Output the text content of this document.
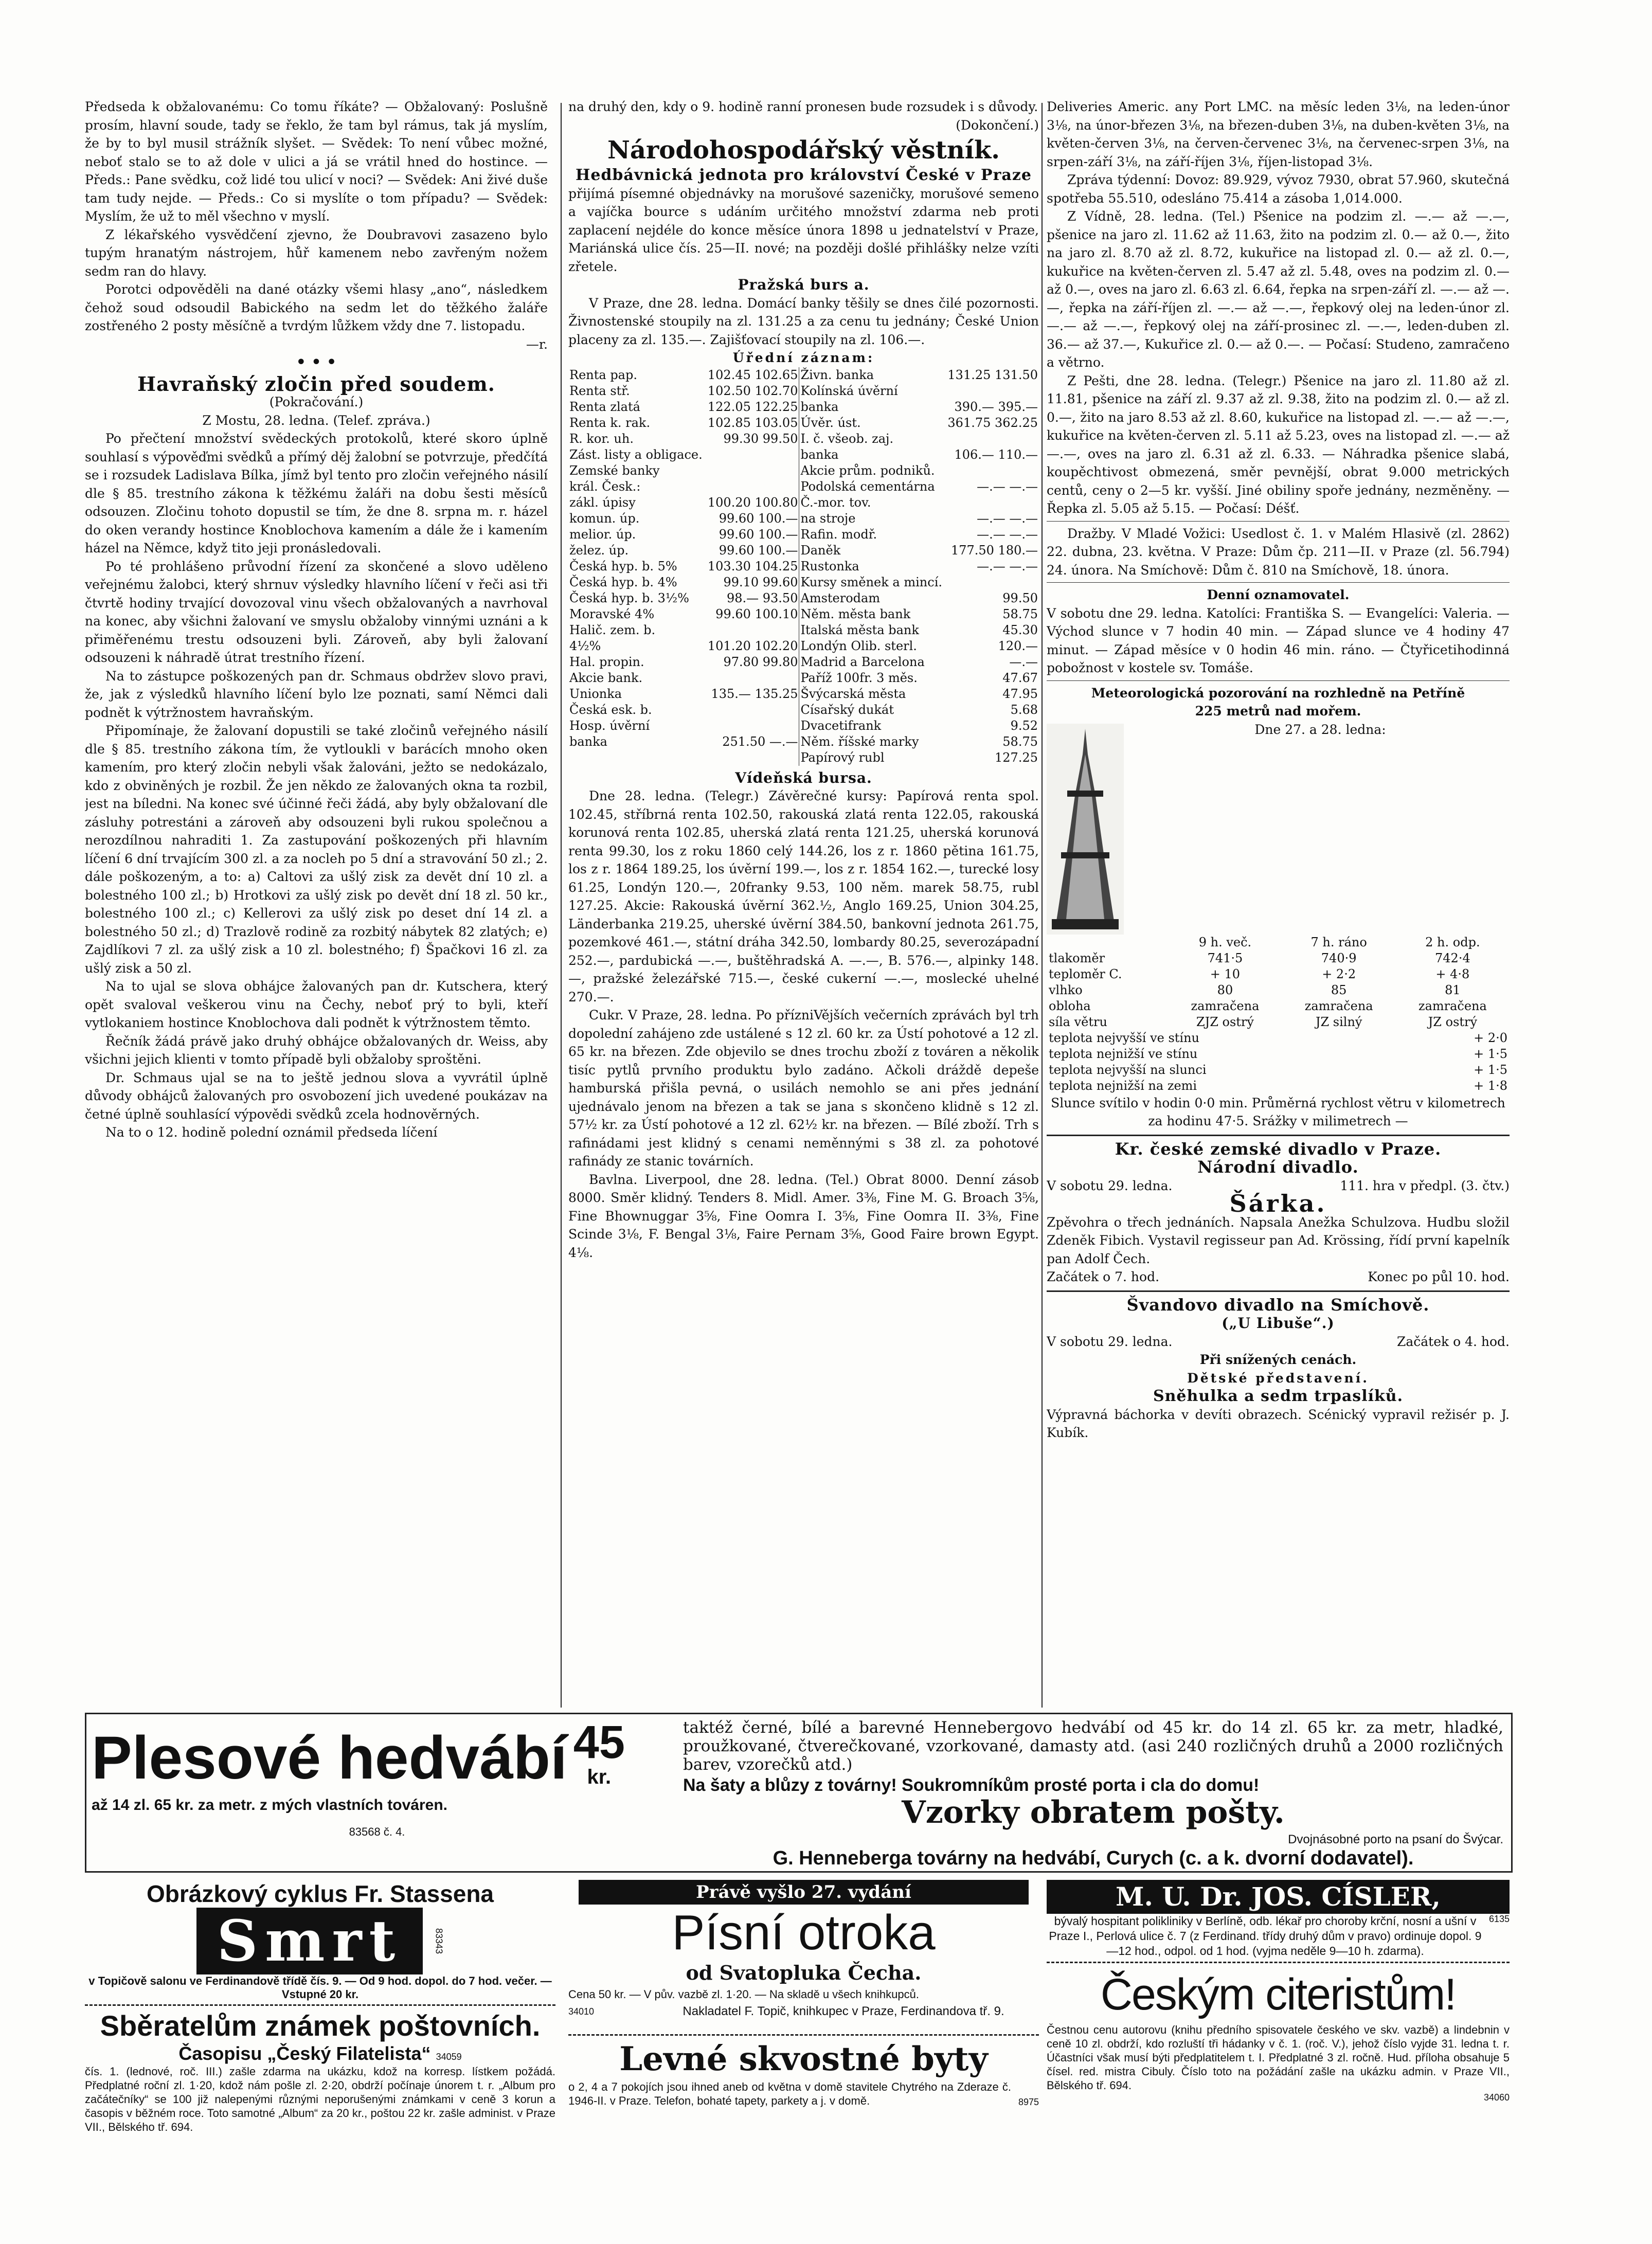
Předseda k obžalovanému: Co tomu říkáte? — Obžalovaný: Poslušně prosím, hlavní soude, tady se řeklo, že tam byl rámus, tak já myslím, že by to byl musil strážník slyšet. — Svědek: To není vůbec možné, neboť stalo se to až dole v ulici a já se vrátil hned do hostince. — Předs.: Pane svědku, což lidé tou ulicí v noci? — Svědek: Ani živé duše tam tudy nejde. — Předs.: Co si myslíte o tom případu? — Svědek: Myslím, že už to měl všechno v myslí.

Z lékařského vysvědčení zjevno, že Doubravovi zasazeno bylo tupým hranatým nástrojem, hůř kamenem nebo zavřeným nožem sedm ran do hlavy.

Porotci odpověděli na dané otázky všemi hlasy „ano“, následkem čehož soud odsoudil Babického na sedm let do těžkého žaláře zostřeného 2 posty měsíčně a tvrdým lůžkem vždy dne 7. listopadu.

—r.
• • •
Havraňský zločin před soudem.
(Pokračování.)
Z Mostu, 28. ledna. (Telef. zpráva.)

Po přečtení množství svědeckých protokolů, které skoro úplně souhlasí s výpověďmi svědků a přímý děj žalobní se potvrzuje, předčítá se i rozsudek Ladislava Bílka, jímž byl tento pro zločin veřejného násilí dle § 85. trestního zákona k těžkému žaláři na dobu šesti měsíců odsouzen. Zločinu tohoto dopustil se tím, že dne 8. srpna m. r. házel do oken verandy hostince Knoblochova kamením a dále že i kamením házel na Němce, když tito jeji pronásledovali.

Po té prohlášeno průvodní řízení za skončené a slovo uděleno veřejnému žalobci, který shrnuv výsledky hlavního líčení v řeči asi tři čtvrtě hodiny trvající dovozoval vinu všech obžalovaných a navrhoval na konec, aby všichni žalovaní ve smyslu obžaloby vinnými uznáni a k přiměřenému trestu odsouzeni byli. Zároveň, aby byli žalovaní odsouzeni k náhradě útrat trestního řízení.

Na to zástupce poškozených pan dr. Schmaus obdržev slovo pravi, že, jak z výsledků hlavního líčení bylo lze poznati, samí Němci dali podnět k výtržnostem havraňským.

Připomínaje, že žalovaní dopustili se také zločinů veřejného násilí dle § 85. trestního zákona tím, že vytloukli v barácích mnoho oken kamením, pro který zločin nebyli však žalováni, ježto se nedokázalo, kdo z obviněných je rozbil. Že jen někdo ze žalovaných okna ta rozbil, jest na bíledni. Na konec své účinné řeči žádá, aby byly obžalovaní dle zásluhy potrestáni a zároveň aby odsouzeni byli rukou společnou a nerozdílnou nahraditi 1. Za zastupování poškozených při hlavním líčení 6 dní trvajícím 300 zl. a za nocleh po 5 dní a stravování 50 zl.; 2. dále poškozeným, a to: a) Caltovi za ušlý zisk za devět dní 10 zl. a bolestného 100 zl.; b) Hrotkovi za ušlý zisk po devět dní 18 zl. 50 kr., bolestného 100 zl.; c) Kellerovi za ušlý zisk po deset dní 14 zl. a bolestného 50 zl.; d) Trazlově rodině za rozbitý nábytek 82 zlatých; e) Zajdlíkovi 7 zl. za ušlý zisk a 10 zl. bolestného; f) Špačkovi 16 zl. za ušlý zisk a 50 zl.

Na to ujal se slova obhájce žalovaných pan dr. Kutschera, který opět svaloval veškerou vinu na Čechy, neboť prý to byli, kteří vytlokaniem hostince Knoblochova dali podnět k výtržnostem těmto.

Řečník žádá právě jako druhý obhájce obžalovaných dr. Weiss, aby všichni jejich klienti v tomto případě byli obžaloby sproštěni.

Dr. Schmaus ujal se na to ještě jednou slova a vyvrátil úplně důvody obhájců žalovaných pro osvobození jich uvedené poukázav na četné úplně souhlasící výpovědi svědků zcela hodnověrných.

Na to o 12. hodině polední oznámil předseda líčení

na druhý den, kdy o 9. hodině ranní pronesen bude rozsudek i s důvody.

(Dokončení.)
Národohospodářský věstník.
Hedbávnická jednota pro království České v Praze

přijímá písemné objednávky na morušové sazeničky, morušové semeno a vajíčka bource s udáním určitého množství zdarma neb proti zaplacení nejdéle do konce měsíce února 1898 u jednatelství v Praze, Mariánská ulice čís. 25—II. nové; na později došlé přihlášky nelze vzíti zřetele.

Pražská burs a.

V Praze, dne 28. ledna. Domácí banky těšily se dnes čilé pozornosti. Živnostenské stoupily na zl. 131.25 a za cenu tu jednány; České Union placeny za zl. 135.—. Zajišťovací stoupily na zl. 106.—.

Úřední záznam:
Renta pap.	102.45 102.65	Živn. banka	131.25 131.50
Renta stř.	102.50 102.70	Kolínská úvěrní	
Renta zlatá	122.05 122.25	banka	390.— 395.—
Renta k. rak.	102.85 103.05	Úvěr. úst.	361.75 362.25
R. kor. uh.	99.30 99.50	I. č. všeob. zaj.	
Zást. listy a obligace.		banka	106.— 110.—
Zemské banky		Akcie prům. podniků.	
král. Česk.:		Podolská cementárna	—.— —.—
zákl. úpisy	100.20 100.80	Č.-mor. tov.	
komun. úp.	99.60 100.—	na stroje	—.— —.—
melior. úp.	99.60 100.—	Rafin. modř.	—.— —.—
želez. úp.	99.60 100.—	Daněk	177.50 180.—
Česká hyp. b. 5%	103.30 104.25	Rustonka	—.— —.—
Česká hyp. b. 4%	99.10 99.60	Kursy směnek a mincí.	
Česká hyp. b. 3½%	98.— 93.50	Amsterodam	99.50
Moravské 4%	99.60 100.10	Něm. města bank	58.75
Halič. zem. b.		Italská města bank	45.30
4½%	101.20 102.20	Londýn Olib. sterl.	120.—
Hal. propin.	97.80 99.80	Madrid a Barcelona	—.—
Akcie bank.		Paříž 100fr. 3 měs.	47.67
Unionka	135.— 135.25	Švýcarská města	47.95
Česká esk. b.		Císařský dukát	5.68
Hosp. úvěrní		Dvacetifrank	9.52
banka	251.50 —.—	Něm. říšské marky	58.75
		Papírový rubl	127.25
Vídeňská bursa.

Dne 28. ledna. (Telegr.) Závěrečné kursy: Papírová renta spol. 102.45, stříbrná renta 102.50, rakouská zlatá renta 122.05, rakouská korunová renta 102.85, uherská zlatá renta 121.25, uherská korunová renta 99.30, los z roku 1860 celý 144.26, los z r. 1860 pětina 161.75, los z r. 1864 189.25, los úvěrní 199.—, los z r. 1854 162.—, turecké losy 61.25, Londýn 120.—, 20franky 9.53, 100 něm. marek 58.75, rubl 127.25. Akcie: Rakouská úvěrní 362.½, Anglo 169.25, Union 304.25, Länderbanka 219.25, uherské úvěrní 384.50, bankovní jednota 261.75, pozemkové 461.—, státní dráha 342.50, lombardy 80.25, severozápadní 252.—, pardubická —.—, buštěhradská A. —.—, B. 576.—, alpinky 148.—, pražské železářské 715.—, české cukerní —.—, moslecké uhelné 270.—.

Cukr. V Praze, 28. ledna. Po přízniVějších večerních zprávách byl trh dopolední zahájeno zde ustálené s 12 zl. 60 kr. za Ústí pohotové a 12 zl. 65 kr. na březen. Zde objevilo se dnes trochu zboží z továren a několik tisíc pytlů prvního produktu bylo zadáno. Ačkoli dráždě depeše hamburská přišla pevná, o usilách nemohlo se ani přes jednání ujednávalo jenom na březen a tak se jana s skončeno klidně s 12 zl. 57½ kr. za Ústí pohotové a 12 zl. 62½ kr. na březen. — Bílé zboží. Trh s rafinádami jest klidný s cenami neměnnými s 38 zl. za pohotové rafinády ze stanic továrních.

Bavlna. Liverpool, dne 28. ledna. (Tel.) Obrat 8000. Denní zásob 8000. Směr klidný. Tenders 8. Midl. Amer. 3⅜, Fine M. G. Broach 3⅝, Fine Bhownuggar 3⅝, Fine Oomra I. 3⅝, Fine Oomra II. 3⅜, Fine Scinde 3⅛, F. Bengal 3⅛, Faire Pernam 3⅝, Good Faire brown Egypt. 4⅛.

Deliveries Americ. any Port LMC. na měsíc leden 3⅛, na leden-únor 3⅛, na únor-březen 3⅛, na březen-duben 3⅛, na duben-květen 3⅛, na květen-červen 3⅛, na červen-červenec 3⅛, na červenec-srpen 3⅛, na srpen-září 3⅛, na září-říjen 3⅛, říjen-listopad 3⅛.

Zpráva týdenní: Dovoz: 89.929, vývoz 7930, obrat 57.960, skutečná spotřeba 55.510, odesláno 75.414 a zásoba 1,014.000.

Z Vídně, 28. ledna. (Tel.) Pšenice na podzim zl. —.— až —.—, pšenice na jaro zl. 11.62 až 11.63, žito na podzim zl. 0.— až 0.—, žito na jaro zl. 8.70 až zl. 8.72, kukuřice na listopad zl. 0.— až zl. 0.—, kukuřice na květen-červen zl. 5.47 až zl. 5.48, oves na podzim zl. 0.— až 0.—, oves na jaro zl. 6.63 zl. 6.64, řepka na srpen-září zl. —.— až —.—, řepka na září-říjen zl. —.— až —.—, řepkový olej na leden-únor zl. —.— až —.—, řepkový olej na září-prosinec zl. —.—, leden-duben zl. 36.— až 37.—, Kukuřice zl. 0.— až 0.—. — Počasí: Studeno, zamračeno a větrno.

Z Pešti, dne 28. ledna. (Telegr.) Pšenice na jaro zl. 11.80 až zl. 11.81, pšenice na září zl. 9.37 až zl. 9.38, žito na podzim zl. 0.— až zl. 0.—, žito na jaro 8.53 až zl. 8.60, kukuřice na listopad zl. —.— až —.—, kukuřice na květen-červen zl. 5.11 až 5.23, oves na listopad zl. —.— až —.—, oves na jaro zl. 6.31 až zl. 6.33. — Náhradka pšenice slabá, koupěchtivost obmezená, směr pevnější, obrat 9.000 metrických centů, ceny o 2—5 kr. vyšší. Jiné obiliny spoře jednány, nezměněny. — Řepka zl. 5.05 až 5.15. — Počasí: Déšť.

Dražby. V Mladé Vožici: Usedlost č. 1. v Malém Hlasivě (zl. 2862) 22. dubna, 23. května. V Praze: Dům čp. 211—II. v Praze (zl. 56.794) 24. února. Na Smíchově: Dům č. 810 na Smíchově, 18. února.

Denní oznamovatel.

V sobotu dne 29. ledna. Katolíci: Františka S. — Evangelíci: Valeria. — Východ slunce v 7 hodin 40 min. — Západ slunce ve 4 hodiny 47 minut. — Západ měsíce v 0 hodin 46 min. ráno. — Čtyřicetihodinná pobožnost v kostele sv. Tomáše.

Meteorologická pozorování na rozhledně na Petříně
225 metrů nad mořem.
Dne 27. a 28. ledna:
	9 h. več.	7 h. ráno	2 h. odp.
tlakoměr	741·5	740·9	742·4
teploměr C.	+ 10	+ 2·2	+ 4·8
vlhko	80	85	81
obloha	zamračena	zamračena	zamračena
síla větru	ZJZ ostrý	JZ silný	JZ ostrý
teplota nejvyšší ve stínu	+ 2·0
teplota nejnižší ve stínu	+ 1·5
teplota nejvyšší na slunci	+ 1·5
teplota nejnižší na zemi	+ 1·8

Slunce svítilo v hodin 0·0 min. Průměrná rychlost větru v kilometrech za hodinu 47·5. Srážky v milimetrech —

Kr. české zemské divadlo v Praze.
Národní divadlo.
V sobotu 29. ledna.	111. hra v předpl. (3. čtv.)
Šárka.

Zpěvohra o třech jednáních. Napsala Anežka Schulzova. Hudbu složil Zdeněk Fibich. Vystavil regisseur pan Ad. Krössing, řídí první kapelník pan Adolf Čech.

Začátek o 7. hod.	Konec po půl 10. hod.
Švandovo divadlo na Smíchově.
(„U Libuše“.)
V sobotu 29. ledna.	Začátek o 4. hod.
Při snížených cenách.
Dětské představení.
Sněhulka a sedm trpaslíků.

Výpravná báchorka v devíti obrazech. Scénický vypravil režisér p. J. Kubík.

Plesové hedvábí 45
kr.
až 14 zl. 65 kr. za metr. z mých vlastních továren.
83568 č. 4.
taktéž černé, bílé a barevné Hennebergovo hedvábí od 45 kr. do 14 zl. 65 kr. za metr, hladké, proužkované, čtverečkované, vzorkované, damasty atd. (asi 240 rozličných druhů a 2000 rozličných barev, vzorečků atd.)
Na šaty a blůzy z továrny! Soukromníkům prosté porta i cla do domu!
Vzorky obratem pošty.
Dvojnásobné porto na psaní do Švýcar.
G. Henneberga továrny na hedvábí, Curych (c. a k. dvorní dodavatel).
Obrázkový cyklus Fr. Stassena
Smrt	83343
v Topičově salonu ve Ferdinandově třídě čís. 9. — Od 9 hod. dopol. do 7 hod. večer. — Vstupné 20 kr.
Sběratelům známek poštovních.
Časopisu „Český Filatelista“ 34059
čís. 1. (lednové, roč. III.) zašle zdarma na ukázku, kdož na korresp. lístkem požádá. Předplatné roční zl. 1·20, kdož nám pošle zl. 2·20, obdrží počínaje únorem t. r. „Album pro začátečníky“ se 100 již nalepenými různými neporušenými známkami v ceně 3 korun a časopis v běžném roce. Toto samotné „Album“ za 20 kr., poštou 22 kr. zašle administ. v Praze VII., Bělského tř. 694.
Právě vyšlo 27. vydání
Písní otroka
od Svatopluka Čecha.
Cena 50 kr. — V pův. vazbě zl. 1·20. — Na skladě u všech knihkupců.
34010	Nakladatel F. Topič, knihkupec v Praze, Ferdinandova tř. 9.
Levné skvostné byty
o 2, 4 a 7 pokojích jsou ihned aneb od května v domě stavitele Chytrého na Zderaze č. 1946-II. v Praze. Telefon, bohaté tapety, parkety a j. v domě.	8975
M. U. Dr. JOS. CÍSLER,
bývalý hospitant polikliniky v Berlíně, odb. lékař pro choroby krční, nosní a ušní v Praze I., Perlová ulice č. 7 (z Ferdinand. třídy druhý dům v pravo) ordinuje dopol. 9—12 hod., odpol. od 1 hod. (vyjma neděle 9—10 h. zdarma).
6135
Českým citeristům!
Čestnou cenu autorovu (knihu předního spisovatele českého ve skv. vazbě) a lindebnin v ceně 10 zl. obdrží, kdo rozluští tři hádanky v č. 1. (roč. V.), jehož číslo vyjde 31. ledna t. r. Účastníci však musí býti předplatitelem t. I. Předplatné 3 zl. ročně. Hud. příloha obsahuje 5 čísel. red. mistra Cibuly. Číslo toto na požádání zašle na ukázku admin. v Praze VII., Bělského tř. 694.
34060
